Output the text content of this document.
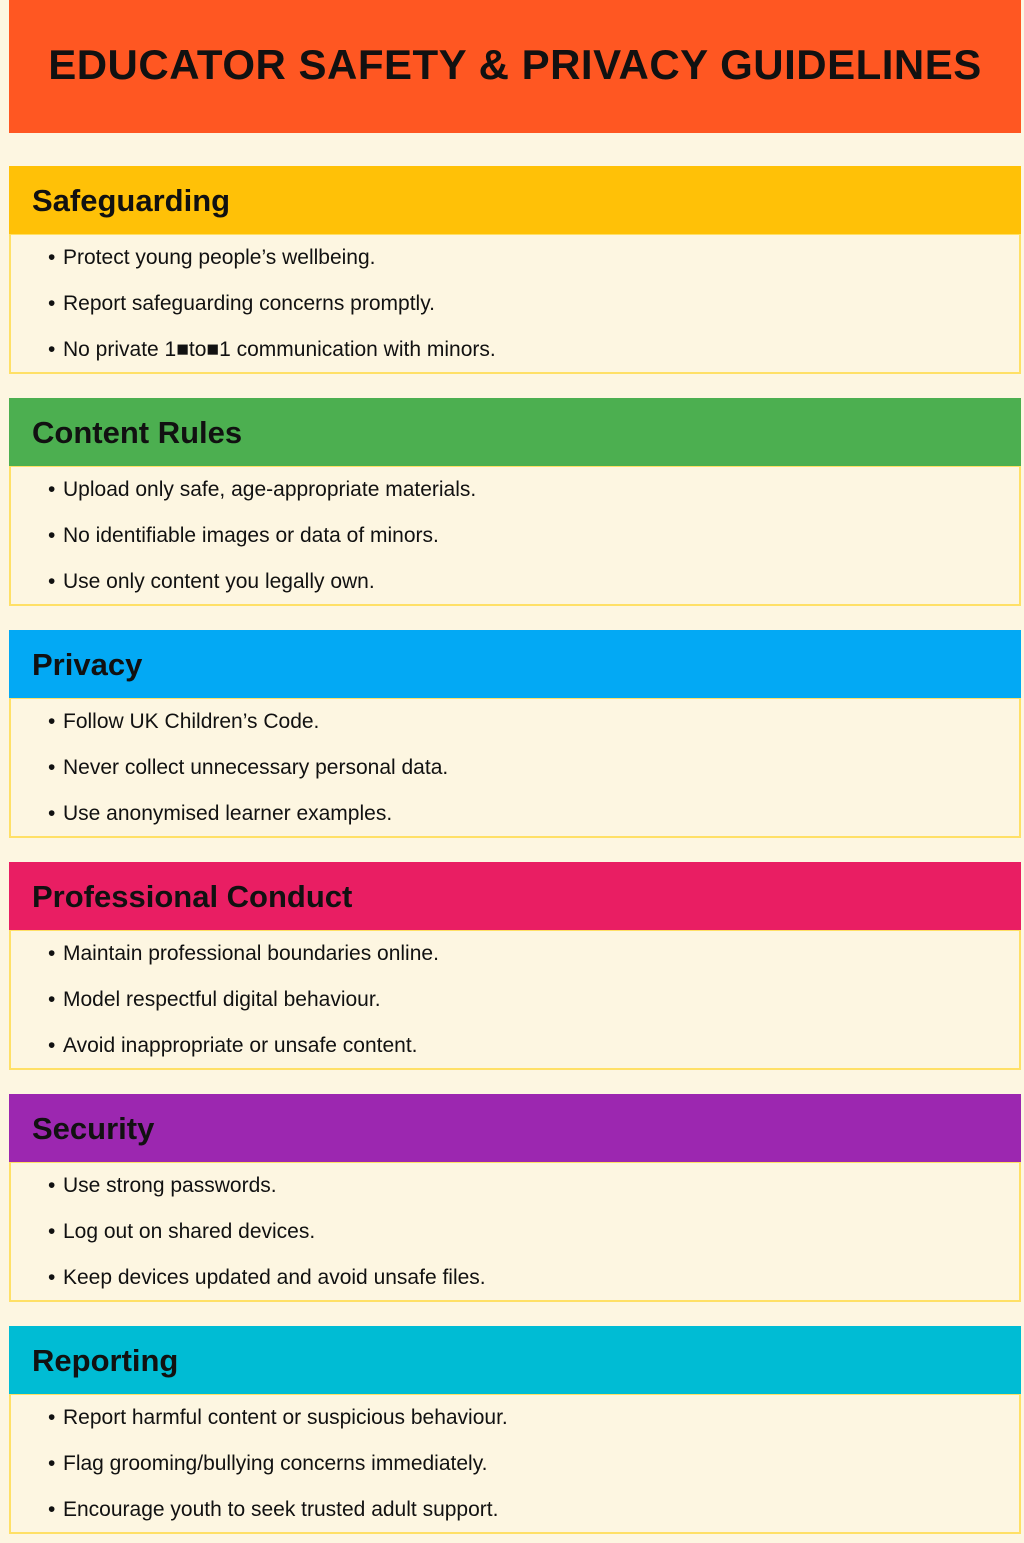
EDUCATOR SAFETY & PRIVACY GUIDELINES
Safeguarding
• Protect young people’s wellbeing.
• Report safeguarding concerns promptly.
• No private 1■to■1 communication with minors.
Content Rules
• Upload only safe, age-appropriate materials.
• No identifiable images or data of minors.
• Use only content you legally own.
Privacy
• Follow UK Children’s Code.
• Never collect unnecessary personal data.
• Use anonymised learner examples.
Professional Conduct
• Maintain professional boundaries online.
• Model respectful digital behaviour.
• Avoid inappropriate or unsafe content.
Security
• Use strong passwords.
• Log out on shared devices.
• Keep devices updated and avoid unsafe files.
Reporting
• Report harmful content or suspicious behaviour.
• Flag grooming/bullying concerns immediately.
• Encourage youth to seek trusted adult support.
